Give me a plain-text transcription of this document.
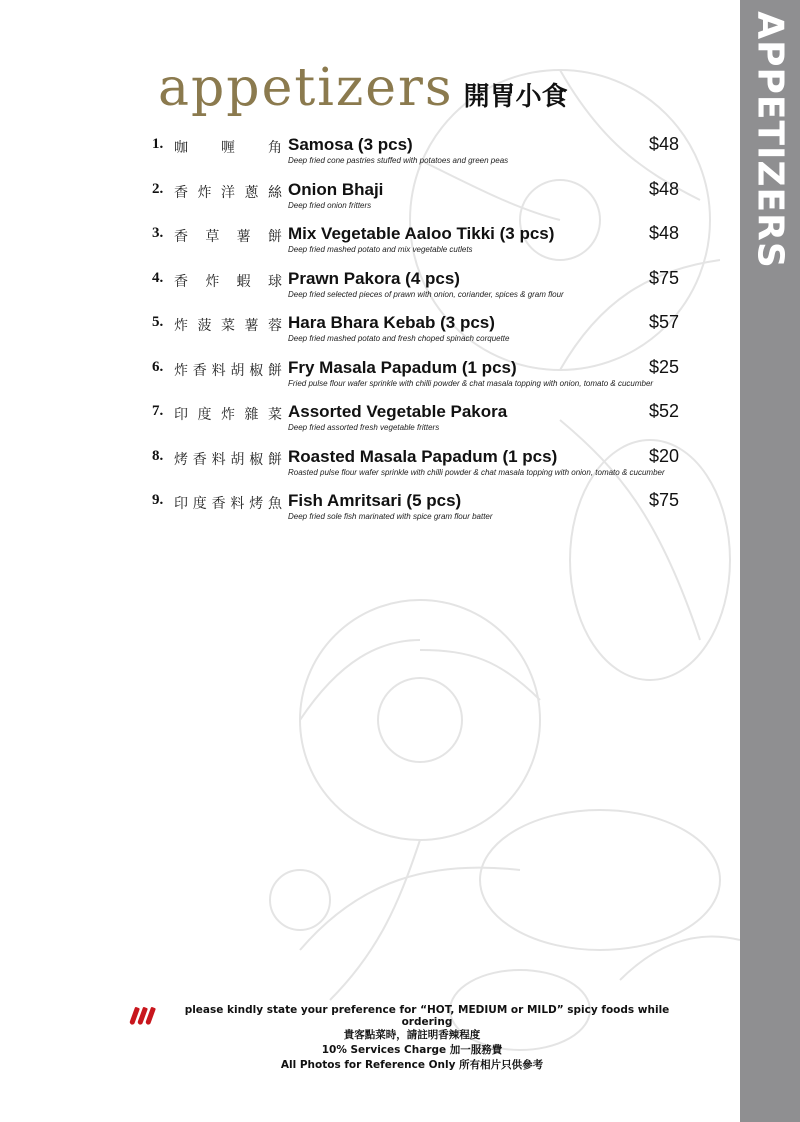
APPETIZERS
appetizers 開胃小食
1. 咖 喱 角 Samosa (3 pcs)
Deep fried cone pastries stuffed with potatoes and green peas
$48
2. 香炸洋蔥絲 Onion Bhaji
Deep fried onion fritters
$48
3. 香 草 薯 餅 Mix Vegetable Aaloo Tikki (3 pcs)
Deep fried mashed potato and mix vegetable cutlets
$48
4. 香 炸 蝦 球 Prawn Pakora (4 pcs)
Deep fried selected pieces of prawn with onion, coriander, spices & gram flour
$75
5. 炸菠菜薯蓉 Hara Bhara Kebab (3 pcs)
Deep fried mashed potato and fresh choped spinach corquette
$57
6. 炸香料胡椒餅 Fry Masala Papadum (1 pcs)
Fried pulse flour wafer sprinkle with chilli powder & chat masala topping with onion, tomato & cucumber
$25
7. 印度炸雜菜 Assorted Vegetable Pakora
Deep fried assorted fresh vegetable fritters
$52
8. 烤香料胡椒餅 Roasted Masala Papadum (1 pcs)
Roasted pulse flour wafer sprinkle with chilli powder & chat masala topping with onion, tomato & cucumber
$20
9. 印度香料烤魚 Fish Amritsari (5 pcs)
Deep fried sole fish marinated with spice gram flour batter
$75
please kindly state your preference for “HOT, MEDIUM or MILD” spicy foods while ordering
貴客點菜時，請註明香辣程度
10% Services Charge 加一服務費
All Photos for Reference Only 所有相片只供參考
